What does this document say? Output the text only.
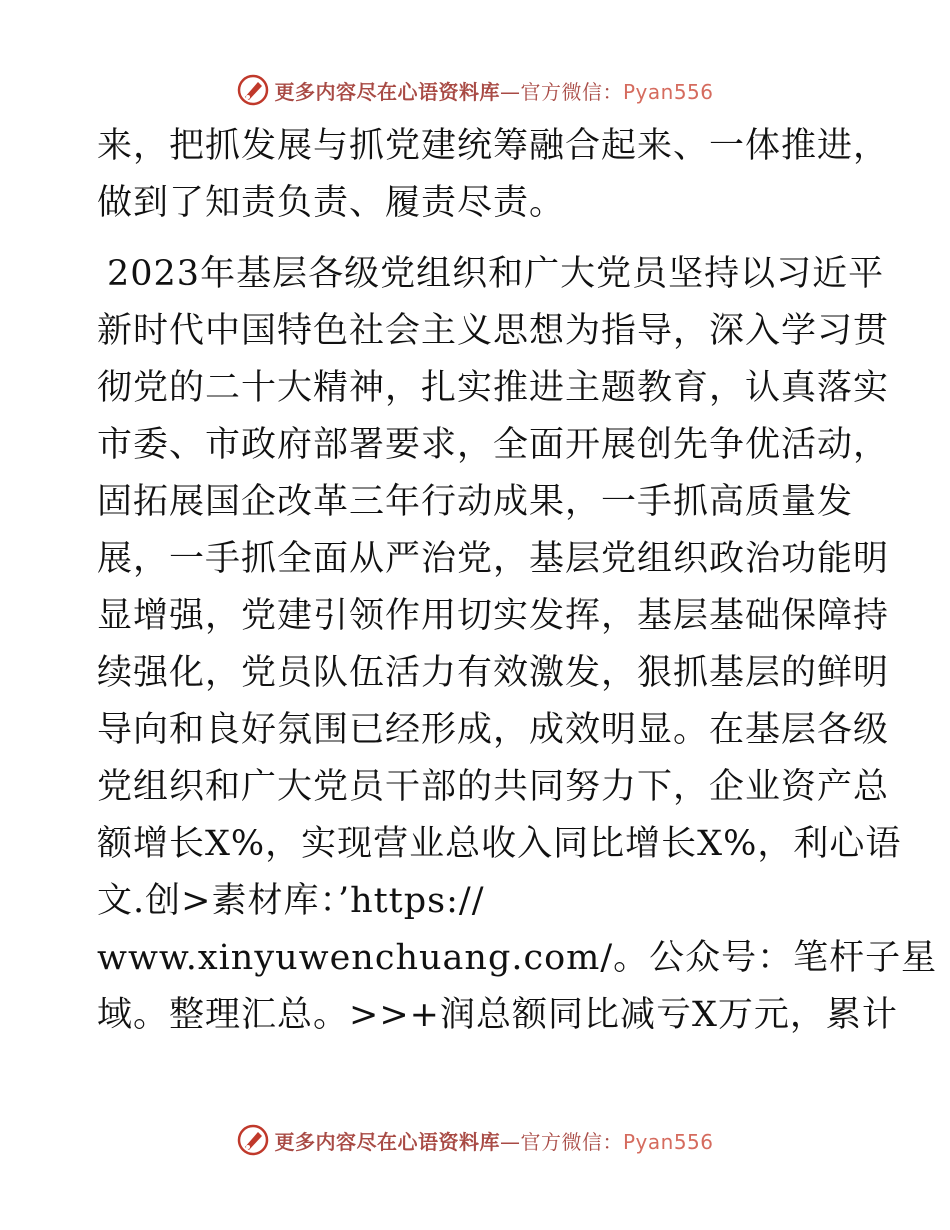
更多内容尽在心语资料库—官方微信：Pyan556
来，把抓发展与抓党建统筹融合起来、一体推进，
做到了知责负责、履责尽责。
2023年基层各级党组织和广大党员坚持以习近平
新时代中国特色社会主义思想为指导，深入学习贯
彻党的二十大精神，扎实推进主题教育，认真落实
市委、市政府部署要求，全面开展创先争优活动，
固拓展国企改革三年行动成果，一手抓高质量发
展，一手抓全面从严治党，基层党组织政治功能明
显增强，党建引领作用切实发挥，基层基础保障持
续强化，党员队伍活力有效激发，狠抓基层的鲜明
导向和良好氛围已经形成，成效明显。在基层各级
党组织和广大党员干部的共同努力下，企业资产总
额增长X%，实现营业总收入同比增长X%，利心语
文.创>素材库：’https://
www.xinyuwenchuang.com/。公众号：笔杆子星
域。整理汇总。>>+润总额同比减亏X万元，累计
更多内容尽在心语资料库—官方微信：Pyan556
